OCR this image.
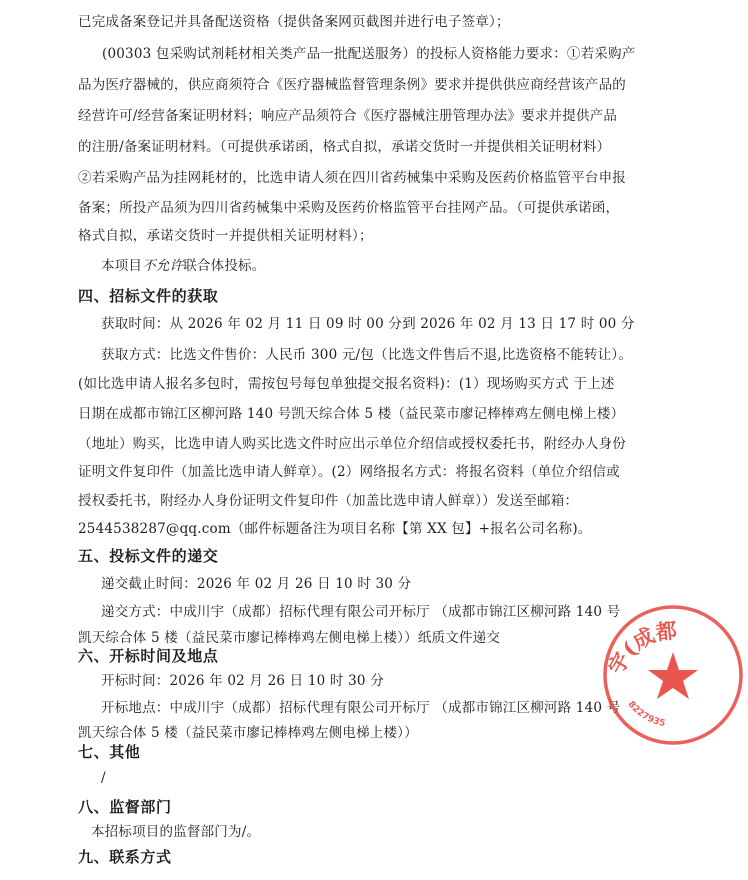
已完成备案登记并具备配送资格（提供备案网页截图并进行电子签章）；
(00303 包采购试剂耗材相关类产品一批配送服务）的投标人资格能力要求：①若采购产
品为医疗器械的，供应商须符合《医疗器械监督管理条例》要求并提供供应商经营该产品的
经营许可/经营备案证明材料；响应产品须符合《医疗器械注册管理办法》要求并提供产品
的注册/备案证明材料。（可提供承诺函，格式自拟，承诺交货时一并提供相关证明材料）
②若采购产品为挂网耗材的，比选申请人须在四川省药械集中采购及医药价格监管平台申报
备案；所投产品须为四川省药械集中采购及医药价格监管平台挂网产品。（可提供承诺函，
格式自拟，承诺交货时一并提供相关证明材料）；
本项目不允许联合体投标。
四、招标文件的获取
获取时间：从 2026 年 02 月 11 日 09 时 00 分到 2026 年 02 月 13 日 17 时 00 分
获取方式：比选文件售价：人民币 300 元/包（比选文件售后不退,比选资格不能转让）。
(如比选申请人报名多包时，需按包号每包单独提交报名资料)：(1）现场购买方式 于上述
日期在成都市锦江区柳河路 140 号凯天综合体 5 楼（益民菜市廖记棒棒鸡左侧电梯上楼）
（地址）购买，比选申请人购买比选文件时应出示单位介绍信或授权委托书，附经办人身份
证明文件复印件（加盖比选申请人鲜章）。(2）网络报名方式：将报名资料（单位介绍信或
授权委托书，附经办人身份证明文件复印件（加盖比选申请人鲜章））发送至邮箱：
2544538287@qq.com（邮件标题备注为项目名称【第 XX 包】+报名公司名称)。
五、投标文件的递交
递交截止时间：2026 年 02 月 26 日 10 时 30 分
递交方式：中成川宇（成都）招标代理有限公司开标厅 （成都市锦江区柳河路 140 号
凯天综合体 5 楼（益民菜市廖记棒棒鸡左侧电梯上楼））纸质文件递交
六、开标时间及地点
开标时间：2026 年 02 月 26 日 10 时 30 分
开标地点：中成川宇（成都）招标代理有限公司开标厅 （成都市锦江区柳河路 140 号
凯天综合体 5 楼（益民菜市廖记棒棒鸡左侧电梯上楼））
七、其他
/
八、监督部门
本招标项目的监督部门为/。
九、联系方式
宇(成都
8227935
